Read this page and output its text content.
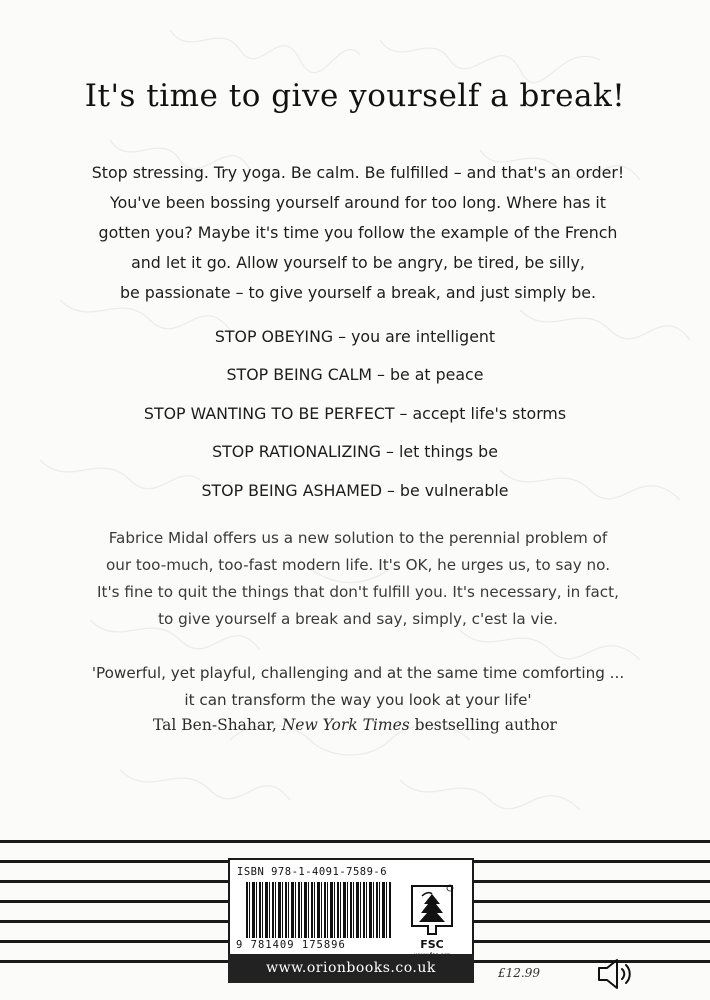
It's time to give yourself a break!

Stop stressing. Try yoga. Be calm. Be fulfilled – and that's an order!
You've been bossing yourself around for too long. Where has it
gotten you? Maybe it's time you follow the example of the French
and let it go. Allow yourself to be angry, be tired, be silly,
be passionate – to give yourself a break, and just simply be.

STOP OBEYING – you are intelligent
STOP BEING CALM – be at peace
STOP WANTING TO BE PERFECT – accept life's storms
STOP RATIONALIZING – let things be
STOP BEING ASHAMED – be vulnerable

Fabrice Midal offers us a new solution to the perennial problem of
our too-much, too-fast modern life. It's OK, he urges us, to say no.
It's fine to quit the things that don't fulfill you. It's necessary, in fact,
to give yourself a break and say, simply, c'est la vie.

'Powerful, yet playful, challenging and at the same time comforting ...
it can transform the way you look at your life'

Tal Ben-Shahar, New York Times bestselling author
ISBN 978-1-4091-7589-6
9 781409 175896	FSC
www.orionbooks.co.uk	£12.99
